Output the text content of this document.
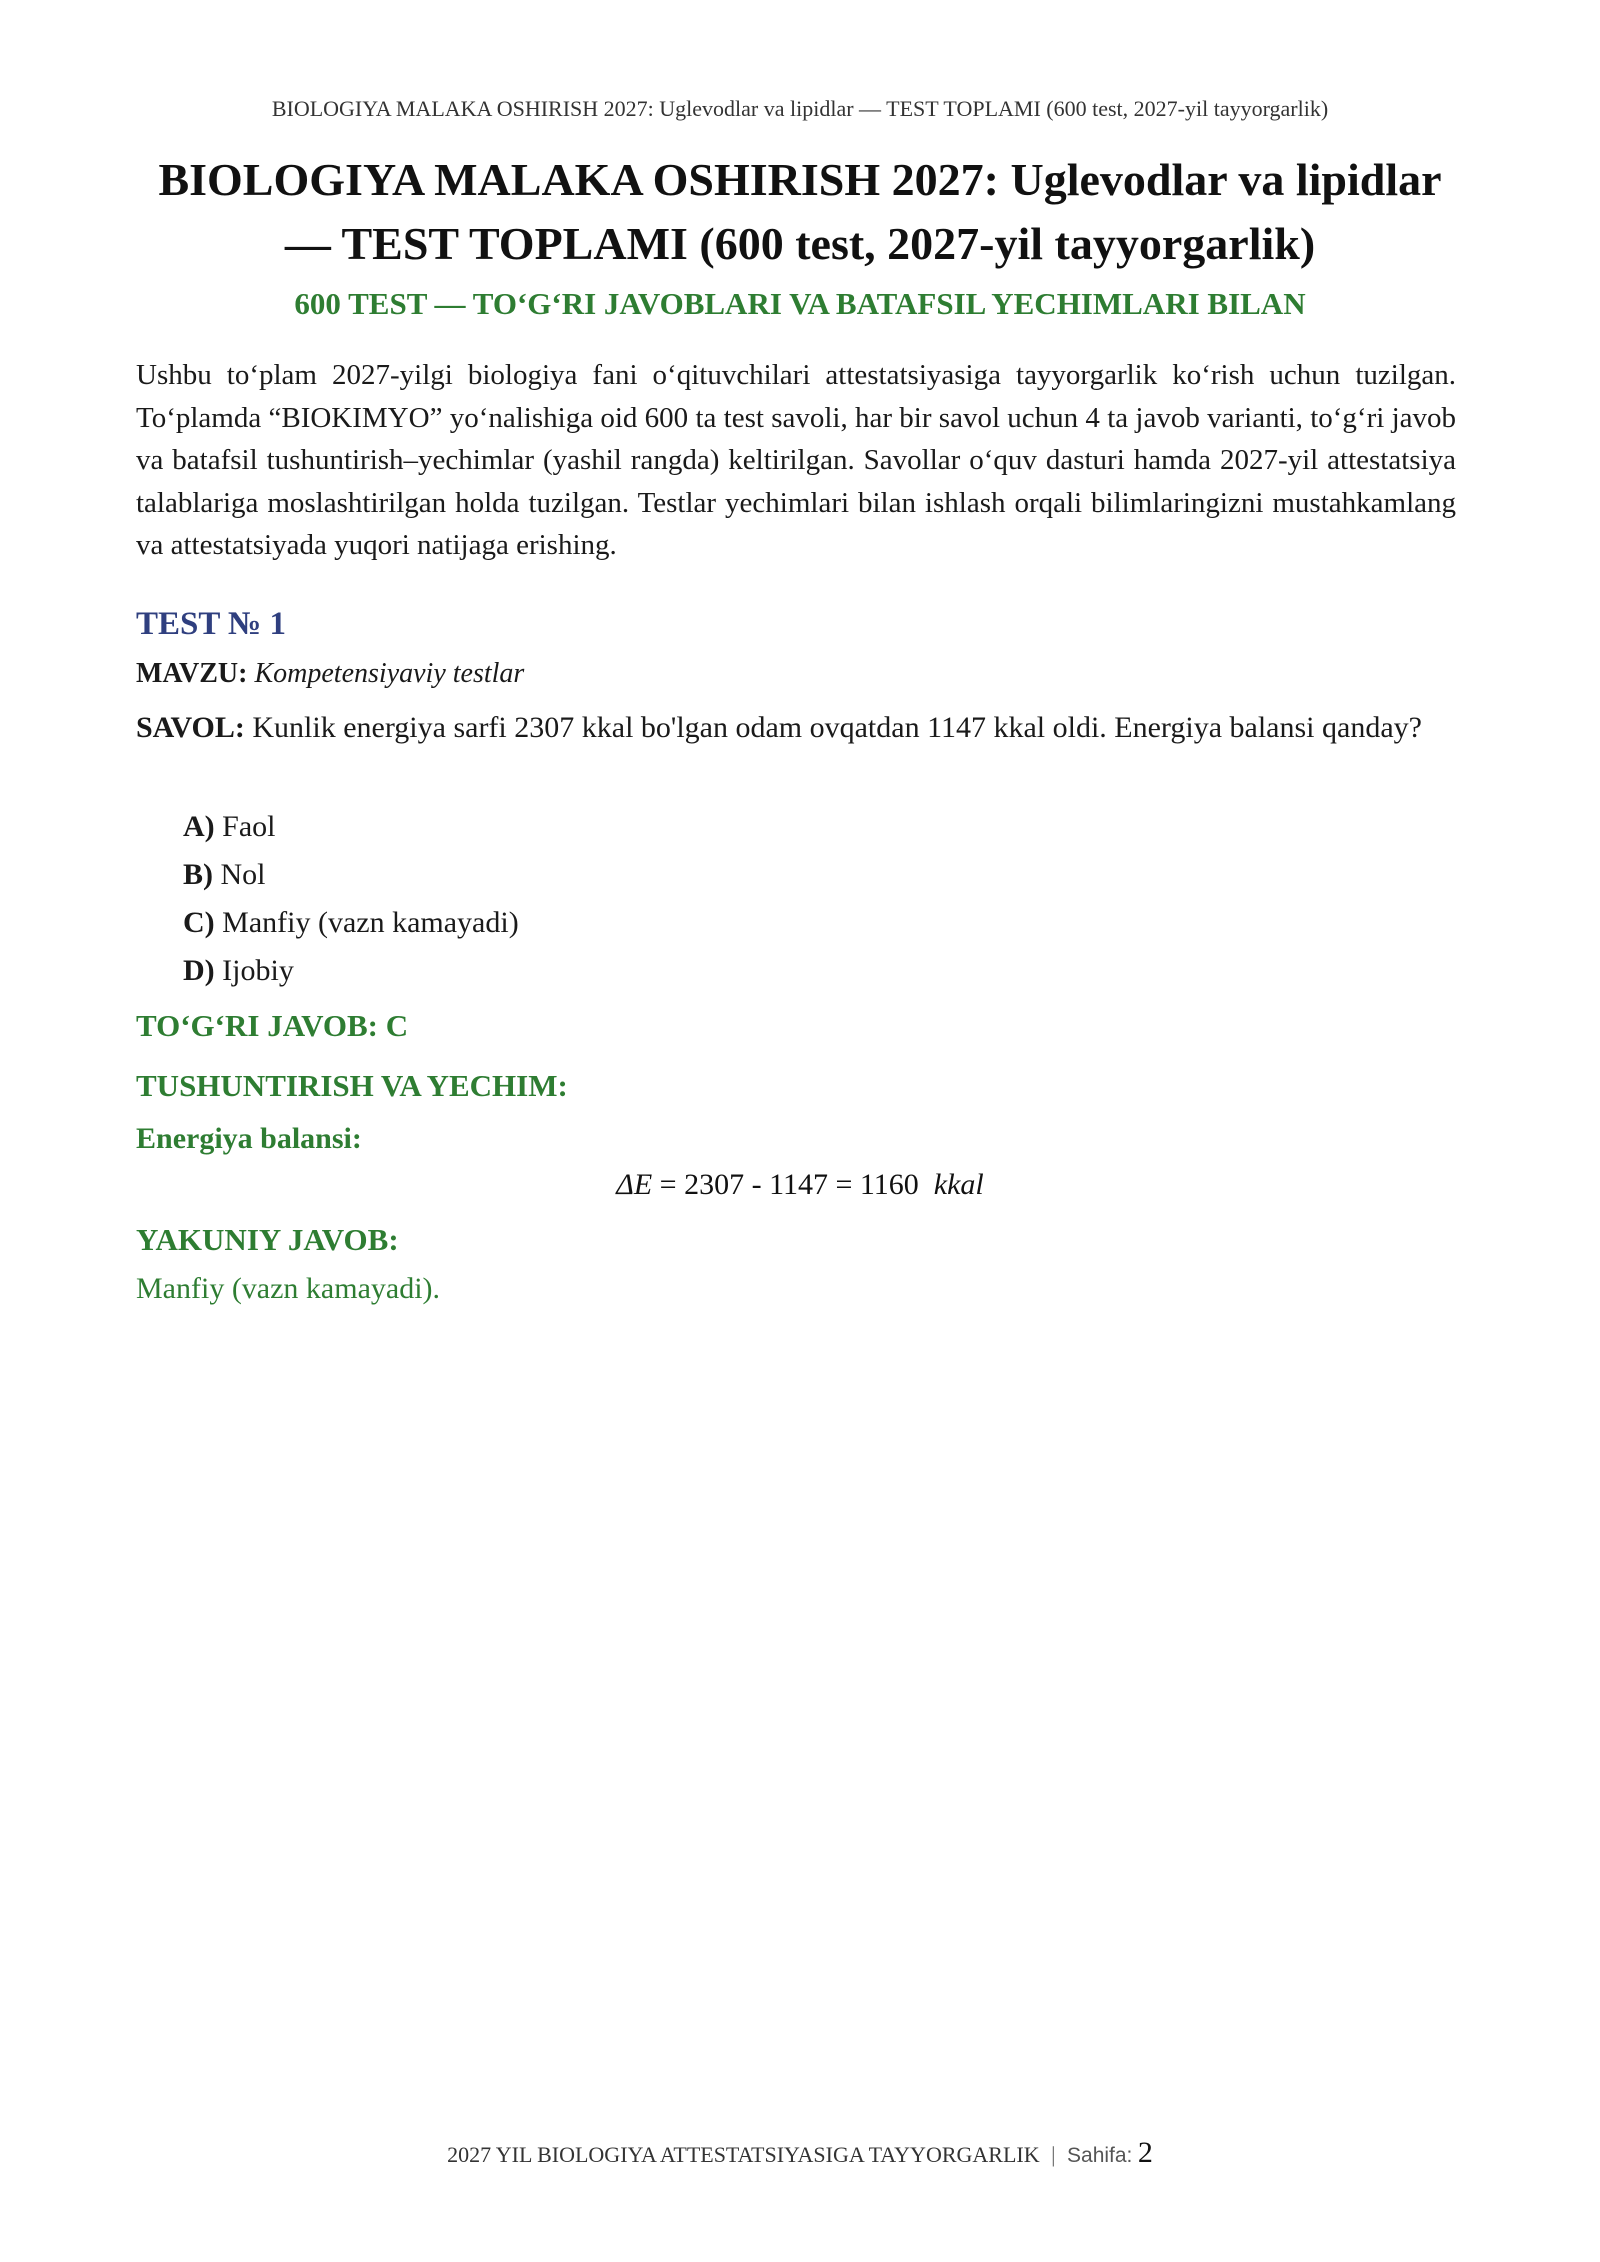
BIOLOGIYA MALAKA OSHIRISH 2027: Uglevodlar va lipidlar — TEST TOPLAMI (600 test, 2027-yil tayyorgarlik)
BIOLOGIYA MALAKA OSHIRISH 2027: Uglevodlar va lipidlar — TEST TOPLAMI (600 test, 2027-yil tayyorgarlik)
600 TEST — TO‘G‘RI JAVOBLARI VA BATAFSIL YECHIMLARI BILAN
Ushbu to‘plam 2027-yilgi biologiya fani o‘qituvchilari attestatsiyasiga tayyorgarlik ko‘rish uchun tuzilgan. To‘plamda “BIOKIMYO” yo‘nalishiga oid 600 ta test savoli, har bir savol uchun 4 ta javob varianti, to‘g‘ri javob va batafsil tushuntirish–yechimlar (yashil rangda) keltirilgan. Savollar o‘quv dasturi hamda 2027-yil attestatsiya talablariga moslashtirilgan holda tuzilgan. Testlar yechimlari bilan ishlash orqali bilimlaringizni mustahkamlang va attestatsiyada yuqori natijaga erishing.
TEST № 1
MAVZU: Kompetensiyaviy testlar
SAVOL: Kunlik energiya sarfi 2307 kkal bo'lgan odam ovqatdan 1147 kkal oldi. Energiya balansi qanday?
A) Faol
B) Nol
C) Manfiy (vazn kamayadi)
D) Ijobiy
TO‘G‘RI JAVOB: C
TUSHUNTIRISH VA YECHIM:
Energiya balansi:
ΔE = 2307 - 1147 = 1160  kkal
YAKUNIY JAVOB:
Manfiy (vazn kamayadi).
2027 YIL BIOLOGIYA ATTESTATSIYASIGA TAYYORGARLIK | Sahifa: 2
